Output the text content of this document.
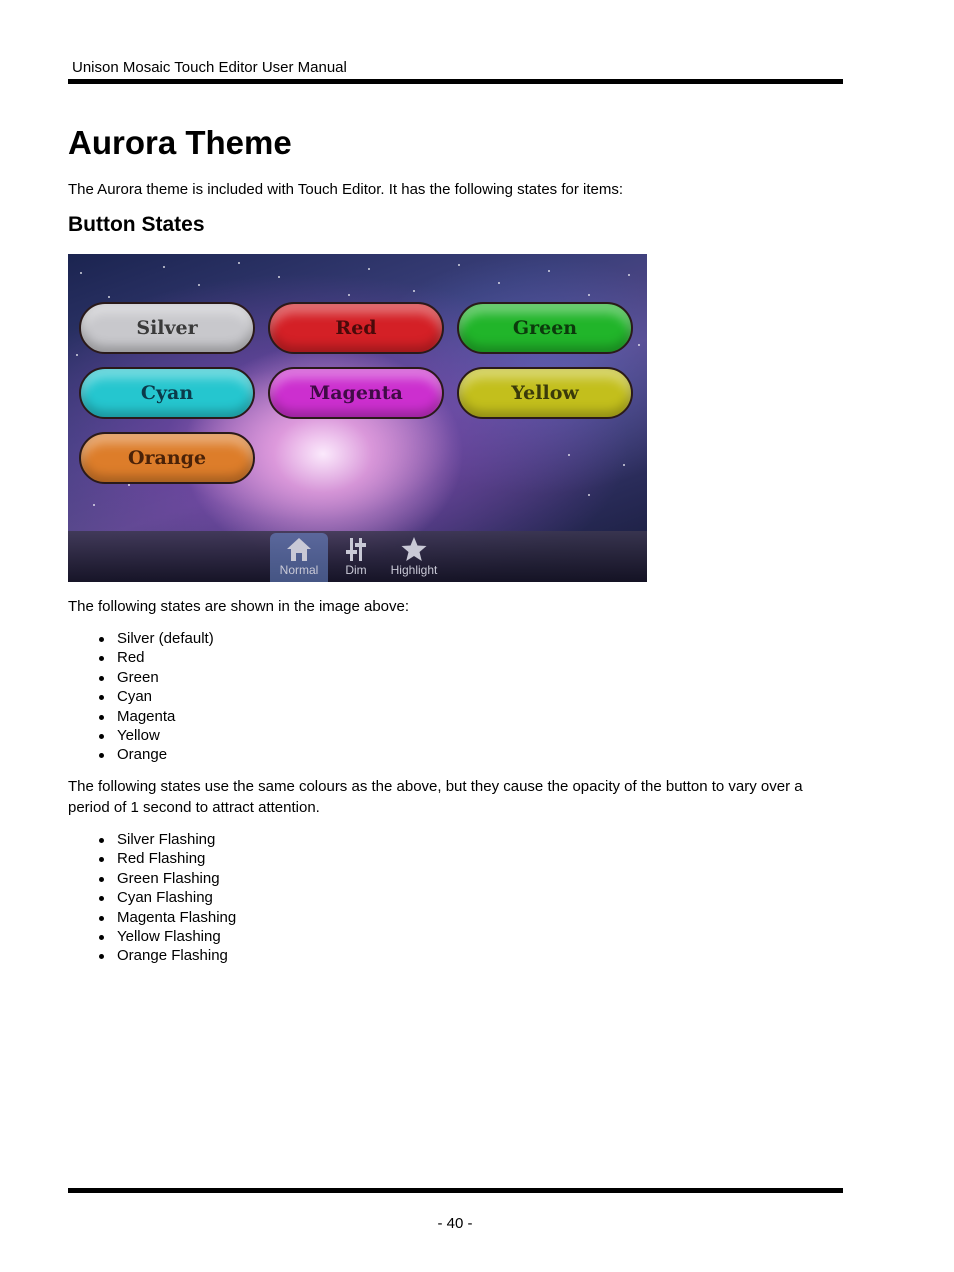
Unison Mosaic Touch Editor User Manual
Aurora Theme

The Aurora theme is included with Touch Editor. It has the following states for items:

Button States
Silver	Red	Green
Cyan	Magenta	Yellow
Orange
Normal Dim Highlight

The following states are shown in the image above:

Silver (default)
Red
Green
Cyan
Magenta
Yellow
Orange

The following states use the same colours as the above, but they cause the opacity of the button to vary over a period of 1 second to attract attention.

Silver Flashing
Red Flashing
Green Flashing
Cyan Flashing
Magenta Flashing
Yellow Flashing
Orange Flashing
- 40 -
